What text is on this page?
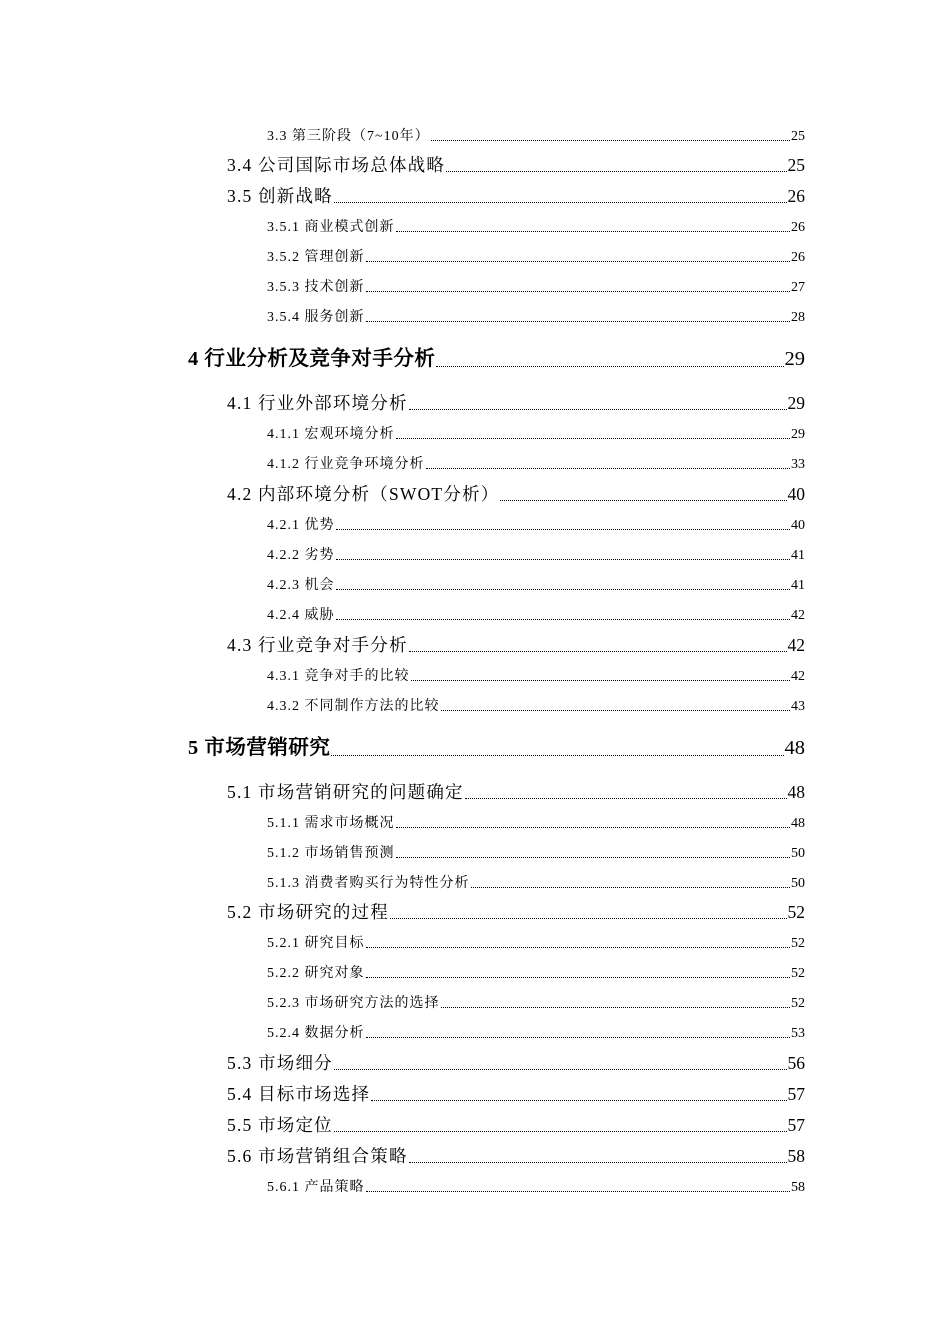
3.3 第三阶段（7~10年）	25
3.4 公司国际市场总体战略	25
3.5 创新战略	26
3.5.1 商业模式创新	26
3.5.2 管理创新	26
3.5.3 技术创新	27
3.5.4 服务创新	28
4 行业分析及竞争对手分析	29
4.1 行业外部环境分析	29
4.1.1 宏观环境分析	29
4.1.2 行业竞争环境分析	33
4.2 内部环境分析（SWOT分析）	40
4.2.1 优势	40
4.2.2 劣势	41
4.2.3 机会	41
4.2.4 威胁	42
4.3 行业竞争对手分析	42
4.3.1 竞争对手的比较	42
4.3.2 不同制作方法的比较	43
5 市场营销研究	48
5.1 市场营销研究的问题确定	48
5.1.1 需求市场概况	48
5.1.2 市场销售预测	50
5.1.3 消费者购买行为特性分析	50
5.2 市场研究的过程	52
5.2.1 研究目标	52
5.2.2 研究对象	52
5.2.3 市场研究方法的选择	52
5.2.4 数据分析	53
5.3 市场细分	56
5.4 目标市场选择	57
5.5 市场定位	57
5.6 市场营销组合策略	58
5.6.1 产品策略	58
